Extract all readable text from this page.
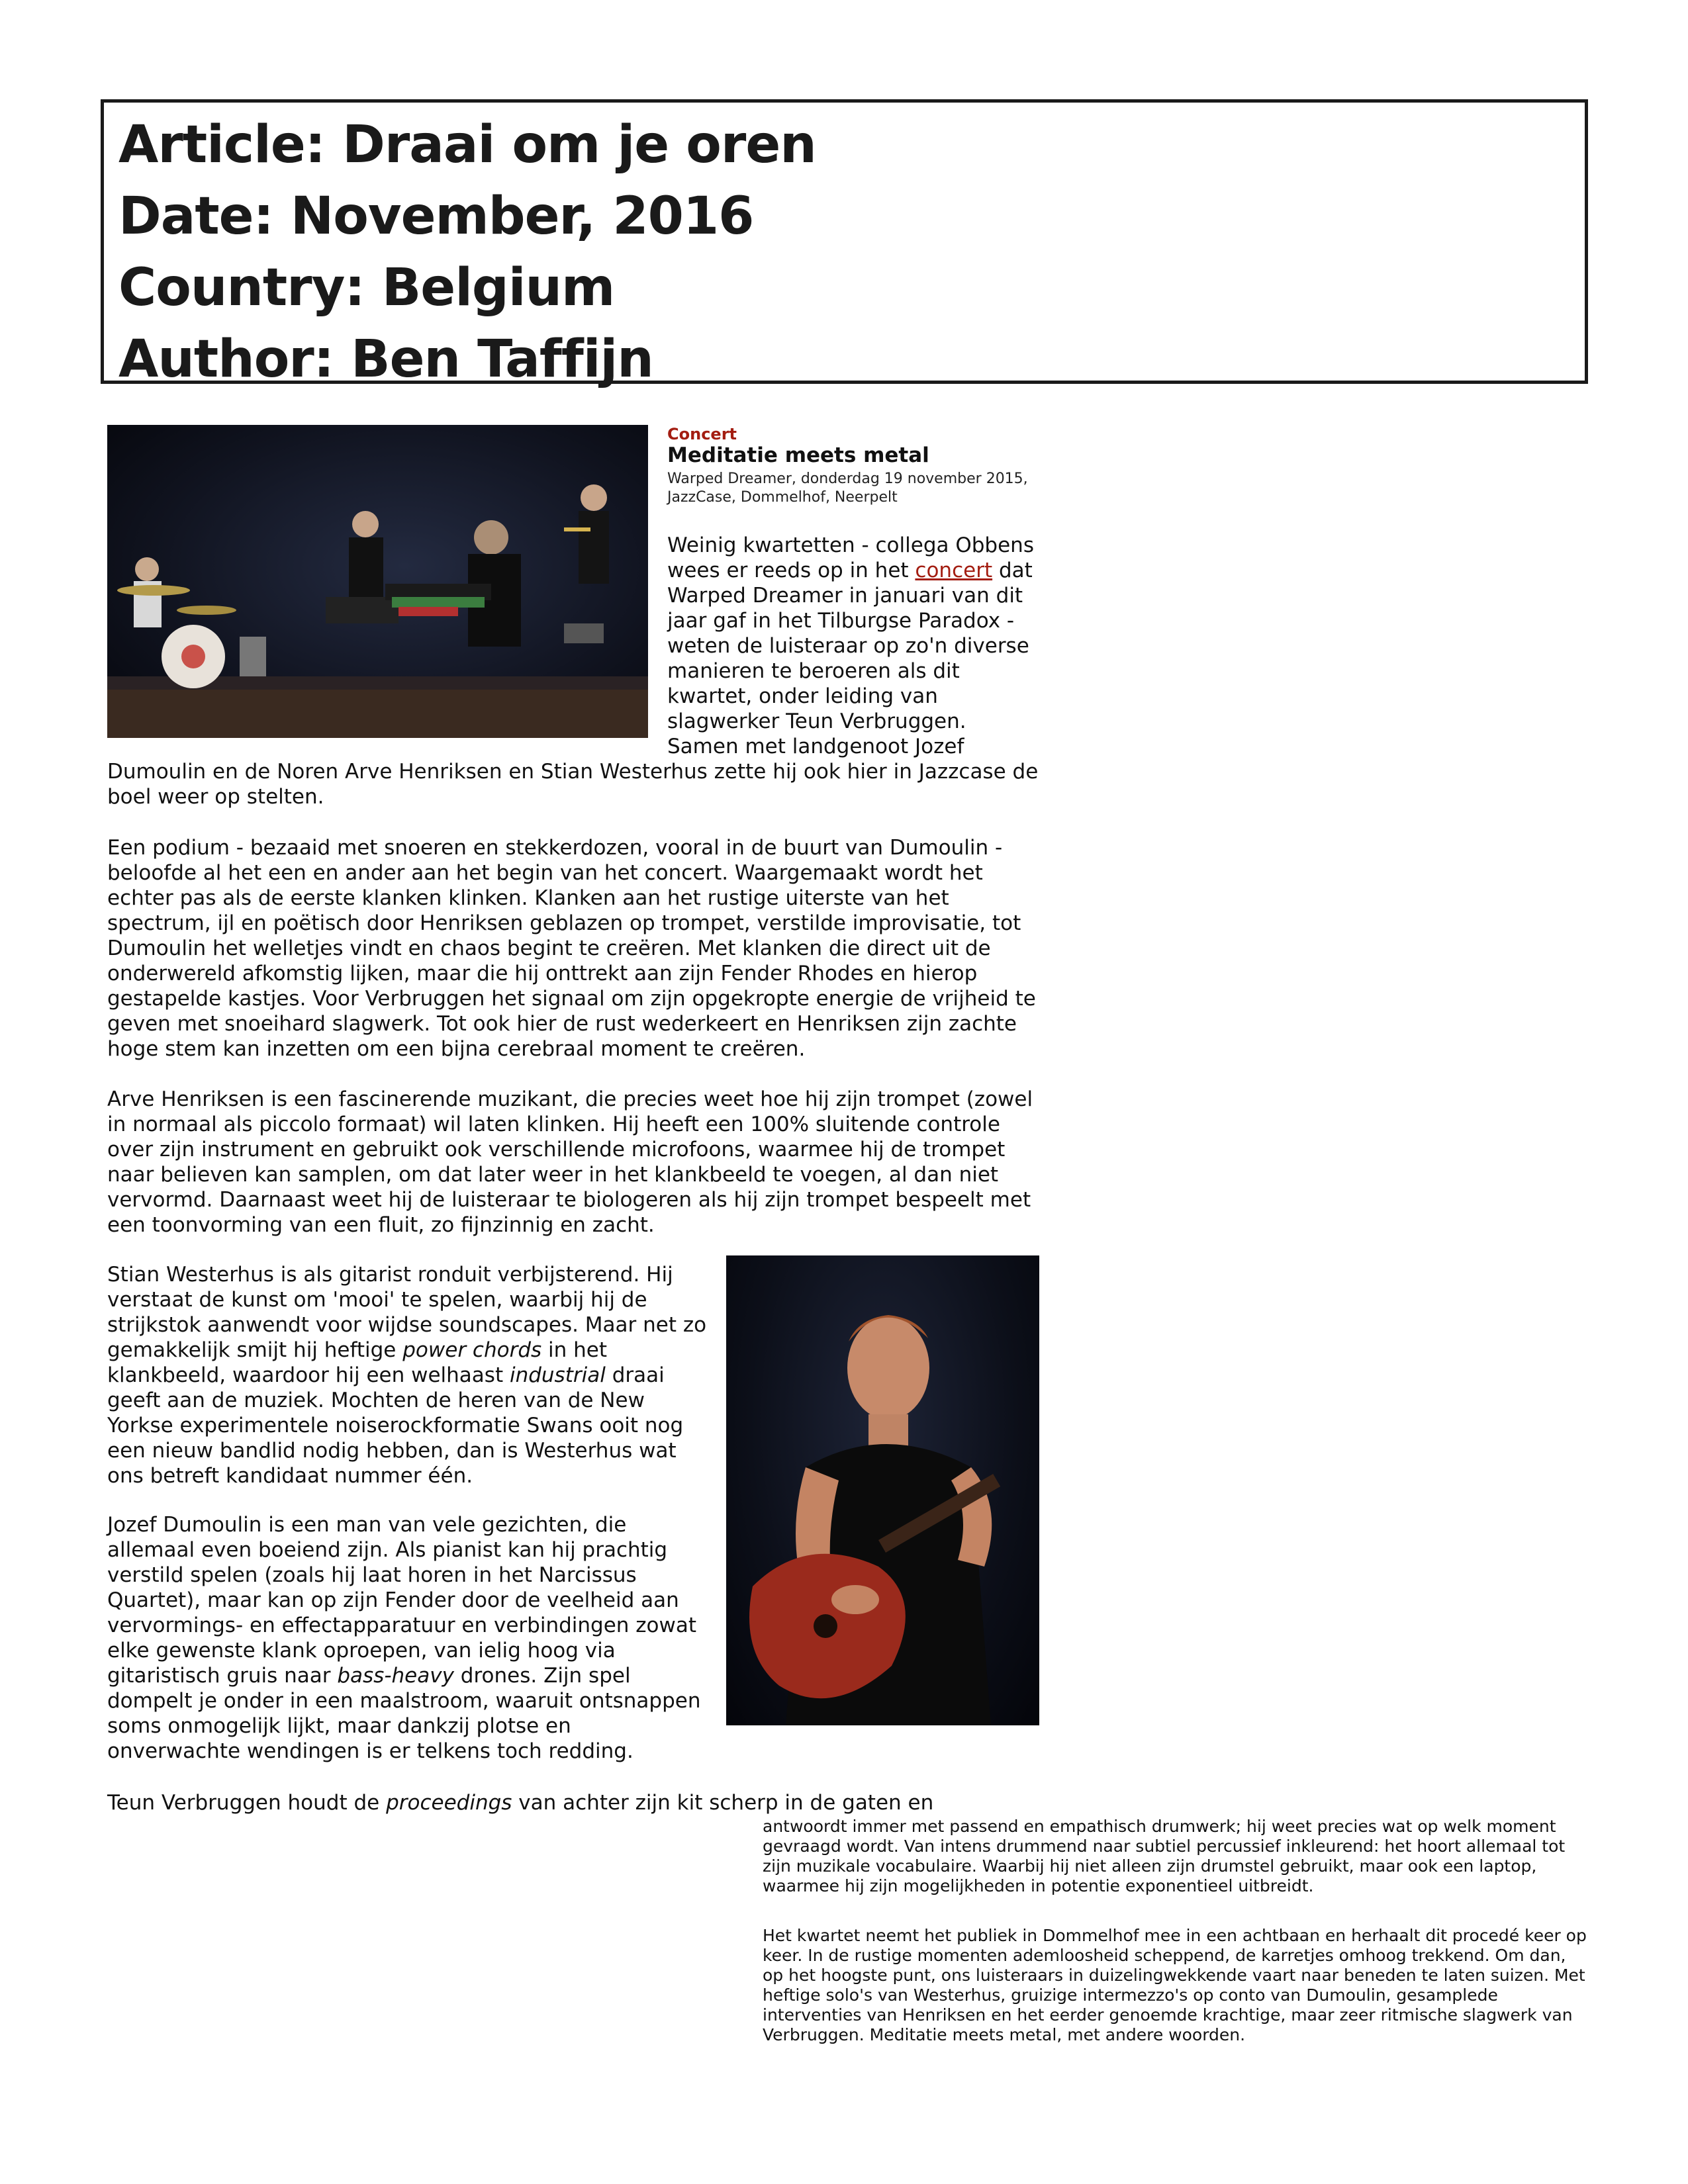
Article: Draai om je oren
Date: November, 2016
Country: Belgium
Author: Ben Taffijn
Concert
Meditatie meets metal
Warped Dreamer, donderdag 19 november 2015, JazzCase, Dommelhof, Neerpelt
Weinig kwartetten - collega Obbens
wees er reeds op in het concert dat
Warped Dreamer in januari van dit
jaar gaf in het Tilburgse Paradox -
weten de luisteraar op zo'n diverse
manieren te beroeren als dit
kwartet, onder leiding van
slagwerker Teun Verbruggen.
Samen met landgenoot Jozef

Dumoulin en de Noren Arve Henriksen en Stian Westerhus zette hij ook hier in Jazzcase de boel weer op stelten.

Een podium - bezaaid met snoeren en stekkerdozen, vooral in de buurt van Dumoulin - beloofde al het een en ander aan het begin van het concert. Waargemaakt wordt het echter pas als de eerste klanken klinken. Klanken aan het rustige uiterste van het spectrum, ijl en poëtisch door Henriksen geblazen op trompet, verstilde improvisatie, tot Dumoulin het welletjes vindt en chaos begint te creëren. Met klanken die direct uit de onderwereld afkomstig lijken, maar die hij onttrekt aan zijn Fender Rhodes en hierop gestapelde kastjes. Voor Verbruggen het signaal om zijn opgekropte energie de vrijheid te geven met snoeihard slagwerk. Tot ook hier de rust wederkeert en Henriksen zijn zachte hoge stem kan inzetten om een bijna cerebraal moment te creëren.

Arve Henriksen is een fascinerende muzikant, die precies weet hoe hij zijn trompet (zowel in normaal als piccolo formaat) wil laten klinken. Hij heeft een 100% sluitende controle over zijn instrument en gebruikt ook verschillende microfoons, waarmee hij de trompet naar believen kan samplen, om dat later weer in het klankbeeld te voegen, al dan niet vervormd. Daarnaast weet hij de luisteraar te biologeren als hij zijn trompet bespeelt met een toonvorming van een fluit, zo fijnzinnig en zacht.

Stian Westerhus is als gitarist ronduit verbijsterend. Hij verstaat de kunst om 'mooi' te spelen, waarbij hij de strijkstok aanwendt voor wijdse soundscapes. Maar net zo gemakkelijk smijt hij heftige power chords in het klankbeeld, waardoor hij een welhaast industrial draai geeft aan de muziek. Mochten de heren van de New Yorkse experimentele noiserockformatie Swans ooit nog een nieuw bandlid nodig hebben, dan is Westerhus wat ons betreft kandidaat nummer één.

Jozef Dumoulin is een man van vele gezichten, die allemaal even boeiend zijn. Als pianist kan hij prachtig verstild spelen (zoals hij laat horen in het Narcissus Quartet), maar kan op zijn Fender door de veelheid aan vervormings- en effectapparatuur en verbindingen zowat elke gewenste klank oproepen, van ielig hoog via gitaristisch gruis naar bass-heavy drones. Zijn spel dompelt je onder in een maalstroom, waaruit ontsnappen soms onmogelijk lijkt, maar dankzij plotse en onverwachte wendingen is er telkens toch redding.

Teun Verbruggen houdt de proceedings van achter zijn kit scherp in de gaten en

antwoordt immer met passend en empathisch drumwerk; hij weet precies wat op welk moment gevraagd wordt. Van intens drummend naar subtiel percussief inkleurend: het hoort allemaal tot zijn muzikale vocabulaire. Waarbij hij niet alleen zijn drumstel gebruikt, maar ook een laptop, waarmee hij zijn mogelijkheden in potentie exponentieel uitbreidt.

Het kwartet neemt het publiek in Dommelhof mee in een achtbaan en herhaalt dit procedé keer op keer. In de rustige momenten ademloosheid scheppend, de karretjes omhoog trekkend. Om dan, op het hoogste punt, ons luisteraars in duizelingwekkende vaart naar beneden te laten suizen. Met heftige solo's van Westerhus, gruizige intermezzo's op conto van Dumoulin, gesamplede interventies van Henriksen en het eerder genoemde krachtige, maar zeer ritmische slagwerk van Verbruggen. Meditatie meets metal, met andere woorden.
